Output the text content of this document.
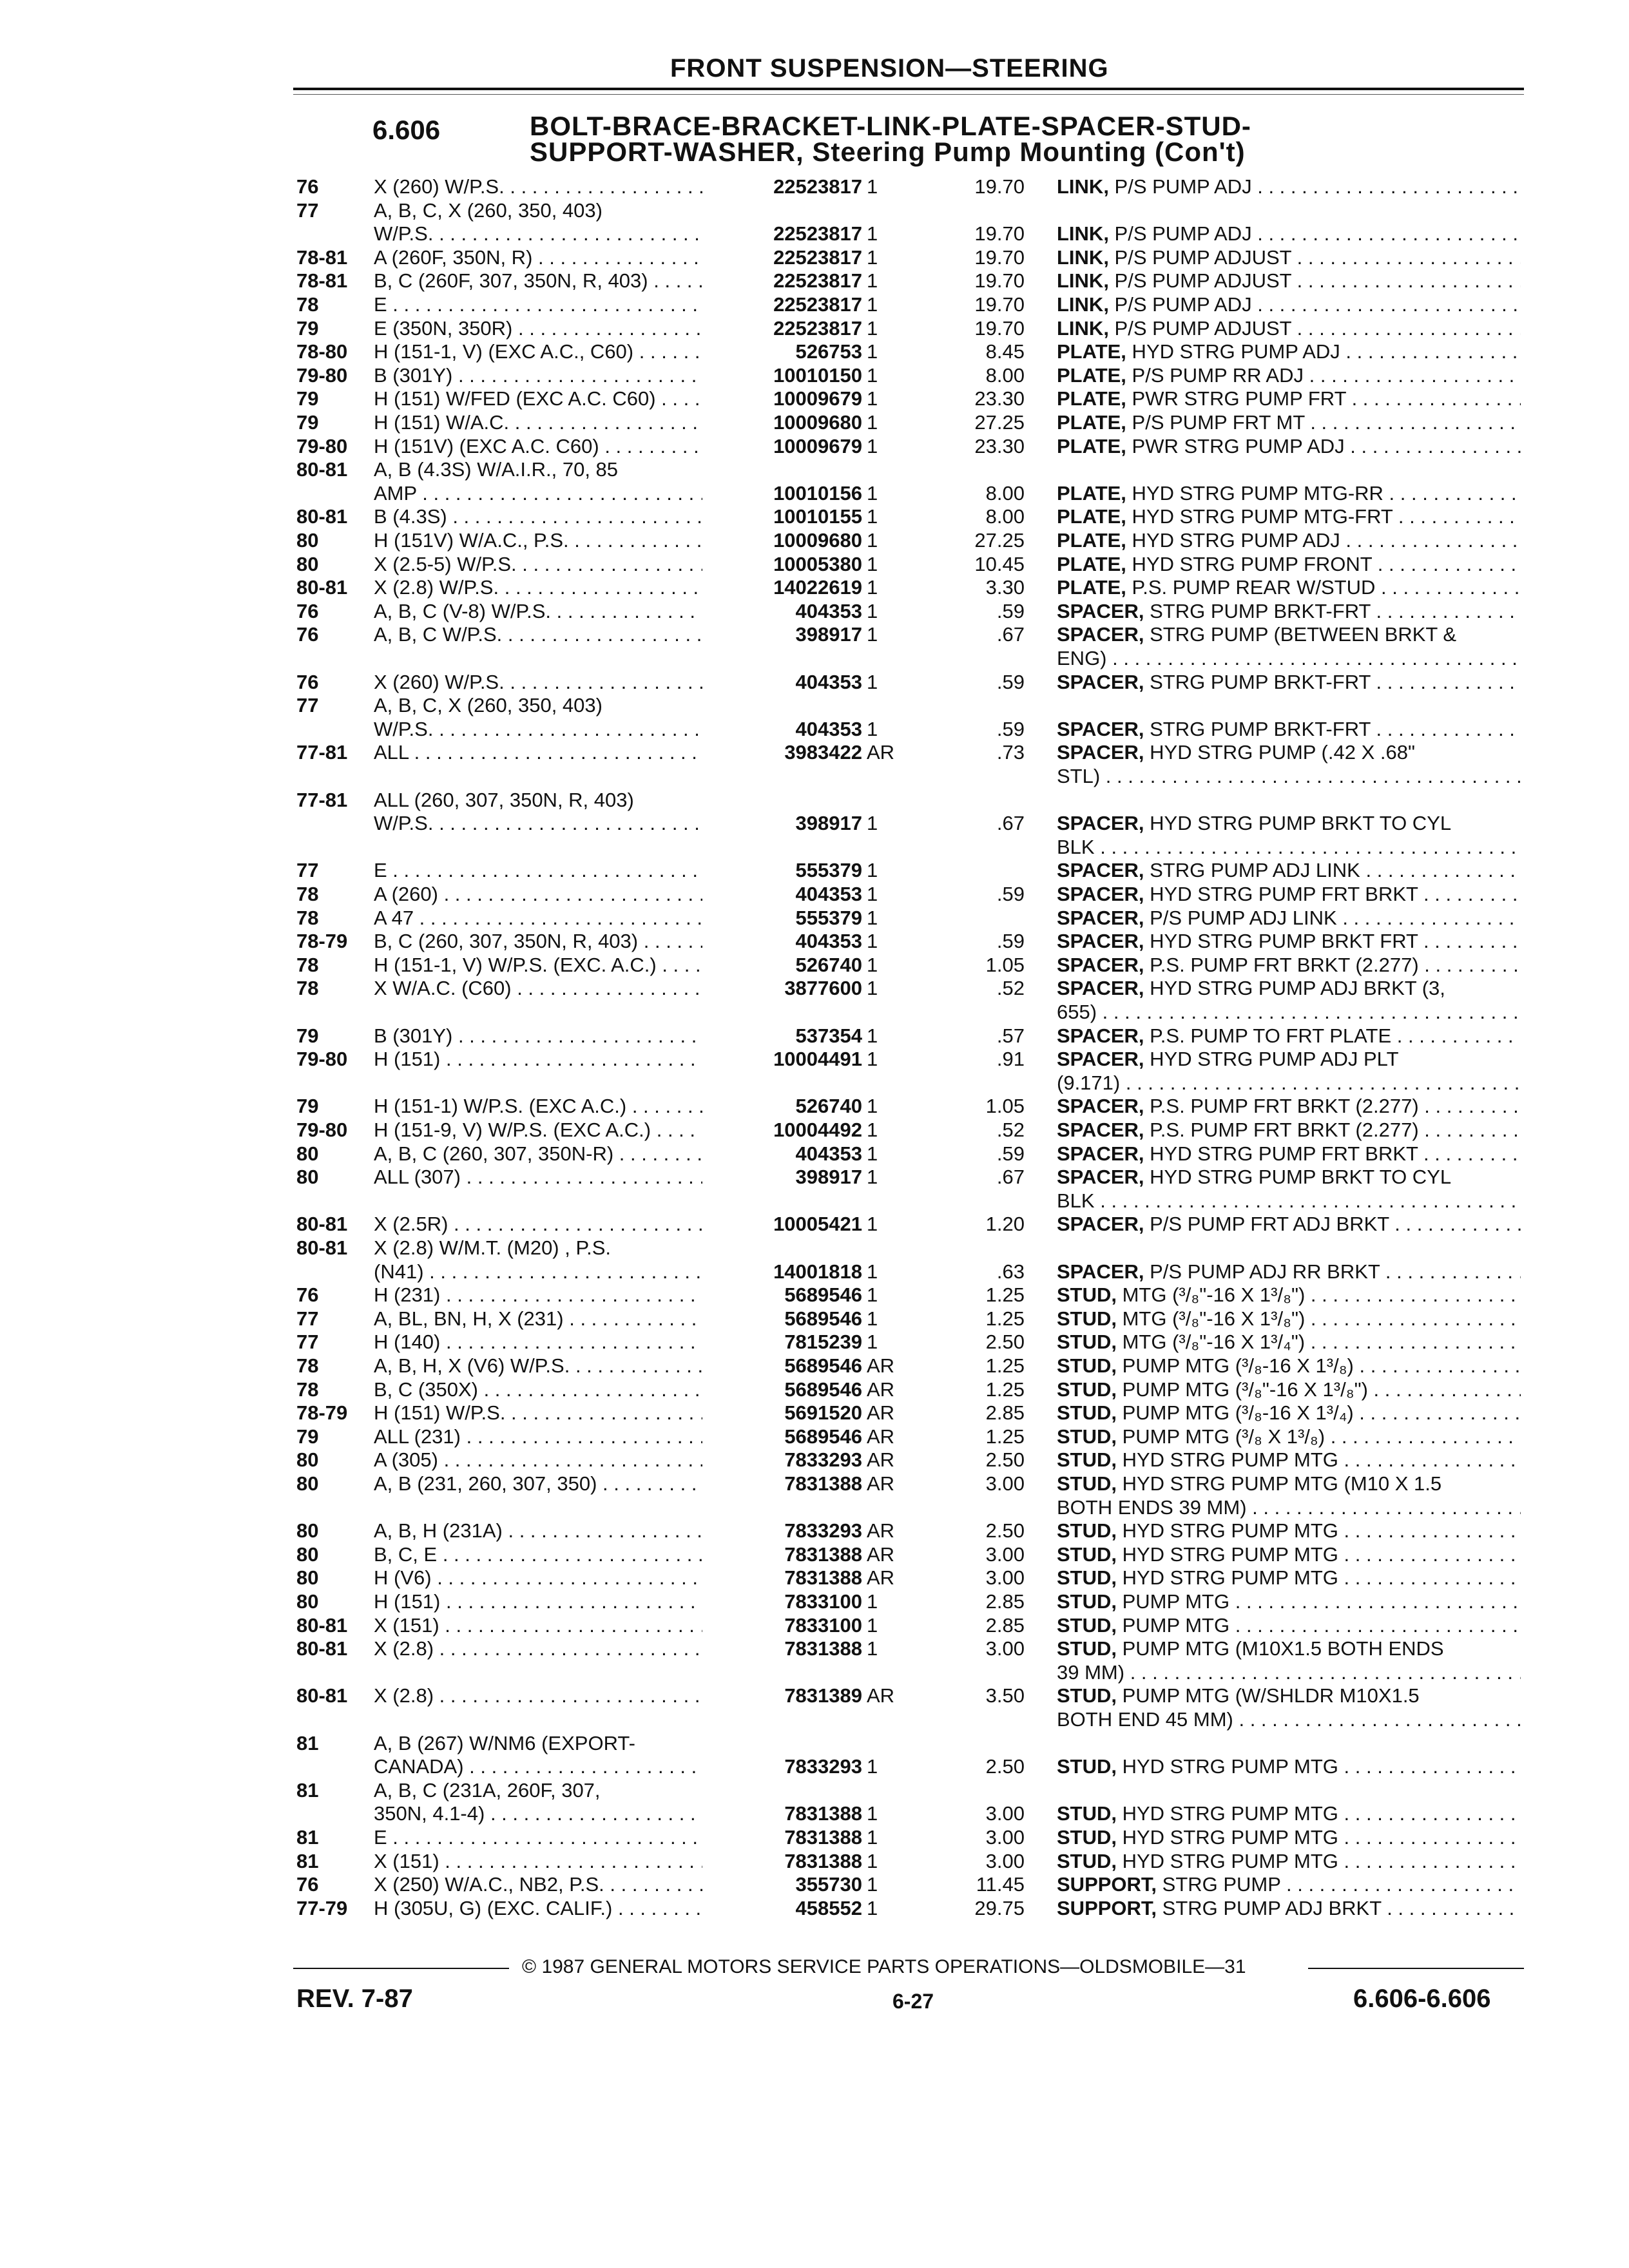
FRONT SUSPENSION—STEERING
6.606	BOLT-BRACE-BRACKET-LINK-PLATE-SPACER-STUD-
SUPPORT-WASHER, Steering Pump Mounting (Con't)
76	X (260) W/P.S. . . .	22523817 1	19.70 LINK, P/S PUMP ADJ . . .
77	A, B, C, X (260, 350, 403)
W/P.S. . . .	22523817 1	19.70 LINK, P/S PUMP ADJ . . .
78-81	A (260F, 350N, R) . . .	22523817 1	19.70 LINK, P/S PUMP ADJUST . . .
78-81	B, C (260F, 307, 350N, R, 403) . . .	22523817 1	19.70 LINK, P/S PUMP ADJUST . . .
78	E . . .	22523817 1	19.70 LINK, P/S PUMP ADJ . . .
79	E (350N, 350R) . . .	22523817 1	19.70 LINK, P/S PUMP ADJUST . . .
78-80	H (151-1, V) (EXC A.C., C60) . . .	526753 1	8.45 PLATE, HYD STRG PUMP ADJ . . .
79-80	B (301Y) . . .	10010150 1	8.00 PLATE, P/S PUMP RR ADJ . . .
79	H (151) W/FED (EXC A.C. C60) . . .	10009679 1	23.30 PLATE, PWR STRG PUMP FRT . . .
79	H (151) W/A.C. . . .	10009680 1	27.25 PLATE, P/S PUMP FRT MT . . .
79-80	H (151V) (EXC A.C. C60) . . .	10009679 1	23.30 PLATE, PWR STRG PUMP ADJ . . .
80-81	A, B (4.3S) W/A.I.R., 70, 85
AMP . . .	10010156 1	8.00 PLATE, HYD STRG PUMP MTG-RR . . .
80-81	B (4.3S) . . .	10010155 1	8.00 PLATE, HYD STRG PUMP MTG-FRT . . .
80	H (151V) W/A.C., P.S. . . .	10009680 1	27.25 PLATE, HYD STRG PUMP ADJ . . .
80	X (2.5-5) W/P.S. . . .	10005380 1	10.45 PLATE, HYD STRG PUMP FRONT . . .
80-81	X (2.8) W/P.S. . . .	14022619 1	3.30 PLATE, P.S. PUMP REAR W/STUD . . .
76	A, B, C (V-8) W/P.S. . . .	404353 1	.59 SPACER, STRG PUMP BRKT-FRT . . .
76	A, B, C W/P.S. . . .	398917 1	.67 SPACER, STRG PUMP (BETWEEN BRKT &
ENG) . . .
76	X (260) W/P.S. . . .	404353 1	.59 SPACER, STRG PUMP BRKT-FRT . . .
77	A, B, C, X (260, 350, 403)
W/P.S. . . .	404353 1	.59 SPACER, STRG PUMP BRKT-FRT . . .
77-81	ALL . . .	3983422 AR	.73 SPACER, HYD STRG PUMP (.42 X .68"
STL) . . .
77-81	ALL (260, 307, 350N, R, 403)
W/P.S. . . .	398917 1	.67 SPACER, HYD STRG PUMP BRKT TO CYL
BLK . . .
77	E . . .	555379 1	SPACER, STRG PUMP ADJ LINK . . .
78	A (260) . . .	404353 1	.59 SPACER, HYD STRG PUMP FRT BRKT . . .
78	A 47 . . .	555379 1	SPACER, P/S PUMP ADJ LINK . . .
78-79	B, C (260, 307, 350N, R, 403) . . .	404353 1	.59 SPACER, HYD STRG PUMP BRKT FRT . . .
78	H (151-1, V) W/P.S. (EXC. A.C.) . . .	526740 1	1.05 SPACER, P.S. PUMP FRT BRKT (2.277) . . .
78	X W/A.C. (C60) . . .	3877600 1	.52 SPACER, HYD STRG PUMP ADJ BRKT (3,
655) . . .
79	B (301Y) . . .	537354 1	.57 SPACER, P.S. PUMP TO FRT PLATE . . .
79-80	H (151) . . .	10004491 1	.91 SPACER, HYD STRG PUMP ADJ PLT
(9.171) . . .
79	H (151-1) W/P.S. (EXC A.C.) . . .	526740 1	1.05 SPACER, P.S. PUMP FRT BRKT (2.277) . . .
79-80	H (151-9, V) W/P.S. (EXC A.C.) . . .	10004492 1	.52 SPACER, P.S. PUMP FRT BRKT (2.277) . . .
80	A, B, C (260, 307, 350N-R) . . .	404353 1	.59 SPACER, HYD STRG PUMP FRT BRKT . . .
80	ALL (307) . . .	398917 1	.67 SPACER, HYD STRG PUMP BRKT TO CYL
BLK . . .
80-81	X (2.5R) . . .	10005421 1	1.20 SPACER, P/S PUMP FRT ADJ BRKT . . .
80-81	X (2.8) W/M.T. (M20) , P.S.
(N41) . . .	14001818 1	.63 SPACER, P/S PUMP ADJ RR BRKT . . .
76	H (231) . . .	5689546 1	1.25 STUD, MTG (³/₈"-16 X 1³/₈") . . .
77	A, BL, BN, H, X (231) . . .	5689546 1	1.25 STUD, MTG (³/₈"-16 X 1³/₈") . . .
77	H (140) . . .	7815239 1	2.50 STUD, MTG (³/₈"-16 X 1³/₄") . . .
78	A, B, H, X (V6) W/P.S. . . .	5689546 AR	1.25 STUD, PUMP MTG (³/₈-16 X 1³/₈) . . .
78	B, C (350X) . . .	5689546 AR	1.25 STUD, PUMP MTG (³/₈"-16 X 1³/₈") . . .
78-79	H (151) W/P.S. . . .	5691520 AR	2.85 STUD, PUMP MTG (³/₈-16 X 1³/₄) . . .
79	ALL (231) . . .	5689546 AR	1.25 STUD, PUMP MTG (³/₈ X 1³/₈) . . .
80	A (305) . . .	7833293 AR	2.50 STUD, HYD STRG PUMP MTG . . .
80	A, B (231, 260, 307, 350) . . .	7831388 AR	3.00 STUD, HYD STRG PUMP MTG (M10 X 1.5
BOTH ENDS 39 MM) . . .
80	A, B, H (231A) . . .	7833293 AR	2.50 STUD, HYD STRG PUMP MTG . . .
80	B, C, E . . .	7831388 AR	3.00 STUD, HYD STRG PUMP MTG . . .
80	H (V6) . . .	7831388 AR	3.00 STUD, HYD STRG PUMP MTG . . .
80	H (151) . . .	7833100 1	2.85 STUD, PUMP MTG . . .
80-81	X (151) . . .	7833100 1	2.85 STUD, PUMP MTG . . .
80-81	X (2.8) . . .	7831388 1	3.00 STUD, PUMP MTG (M10X1.5 BOTH ENDS
39 MM) . . .
80-81	X (2.8) . . .	7831389 AR	3.50 STUD, PUMP MTG (W/SHLDR M10X1.5
BOTH END 45 MM) . . .
81	A, B (267) W/NM6 (EXPORT-
CANADA) . . .	7833293 1	2.50 STUD, HYD STRG PUMP MTG . . .
81	A, B, C (231A, 260F, 307,
350N, 4.1-4) . . .	7831388 1	3.00 STUD, HYD STRG PUMP MTG . . .
81	E . . .	7831388 1	3.00 STUD, HYD STRG PUMP MTG . . .
81	X (151) . . .	7831388 1	3.00 STUD, HYD STRG PUMP MTG . . .
76	X (250) W/A.C., NB2, P.S. . . .	355730 1	11.45 SUPPORT, STRG PUMP . . .
77-79	H (305U, G) (EXC. CALIF.) . . .	458552 1	29.75 SUPPORT, STRG PUMP ADJ BRKT . . .
© 1987 GENERAL MOTORS SERVICE PARTS OPERATIONS—OLDSMOBILE—31
REV. 7-87	6-27	6.606-6.606
